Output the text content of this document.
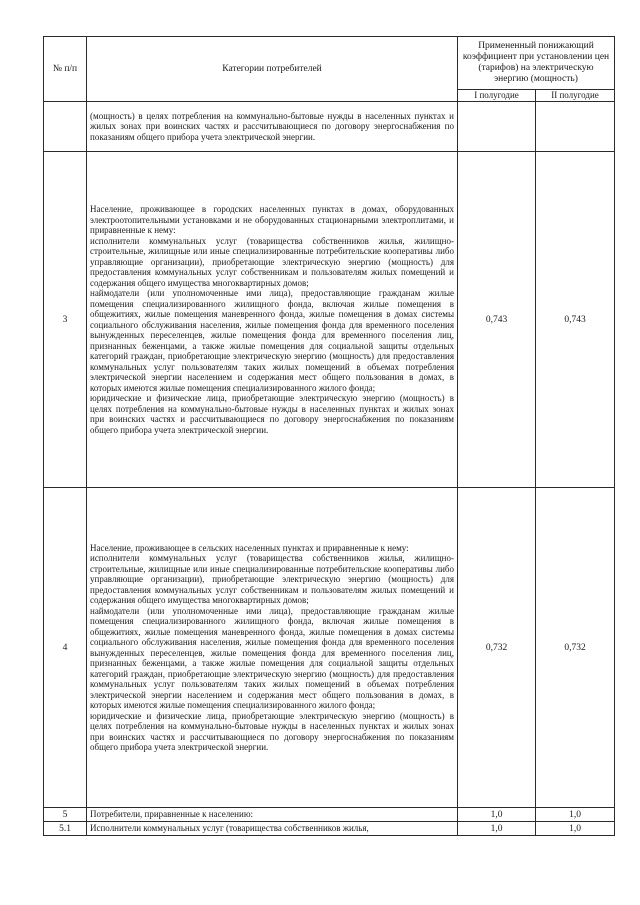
№ п/п	Категории потребителей	Примененный понижающий коэффициент при установлении цен (тарифов) на электрическую энергию (мощность)	
		I полугодие	II полугодие

	(мощность) в целях потребления на коммунально-бытовые нужды в населенных пунктах и жилых зонах при воинских частях и рассчитывающиеся по договору энергоснабжения по показаниям общего прибора учета электрической энергии.		

3	Население, проживающее в городских населенных пунктах в домах, оборудованных электроотопительными установками и не оборудованных стационарными электроплитами, и приравненные к нему:

исполнители коммунальных услуг (товарищества собственников жилья, жилищно-строительные, жилищные или иные специализированные потребительские кооперативы либо управляющие организации), приобретающие электрическую энергию (мощность) для предоставления коммунальных услуг собственникам и пользователям жилых помещений и содержания общего имущества многоквартирных домов;

наймодатели (или уполномоченные ими лица), предоставляющие гражданам жилые помещения специализированного жилищного фонда, включая жилые помещения в общежитиях, жилые помещения маневренного фонда, жилые помещения в домах системы социального обслуживания населения, жилые помещения фонда для временного поселения вынужденных переселенцев, жилые помещения фонда для временного поселения лиц, признанных беженцами, а также жилые помещения для социальной защиты отдельных категорий граждан, приобретающие электрическую энергию (мощность) для предоставления коммунальных услуг пользователям таких жилых помещений в объемах потребления электрической энергии населением и содержания мест общего пользования в домах, в которых имеются жилые помещения специализированного жилого фонда;

юридические и физические лица, приобретающие электрическую энергию (мощность) в целях потребления на коммунально-бытовые нужды в населенных пунктах и жилых зонах при воинских частях и рассчитывающиеся по договору энергоснабжения по показаниям общего прибора учета электрической энергии.	0,743	0,743
4	Население, проживающее в сельских населенных пунктах и приравненные к нему:

исполнители коммунальных услуг (товарищества собственников жилья, жилищно-строительные, жилищные или иные специализированные потребительские кооперативы либо управляющие организации), приобретающие электрическую энергию (мощность) для предоставления коммунальных услуг собственникам и пользователям жилых помещений и содержания общего имущества многоквартирных домов;

наймодатели (или уполномоченные ими лица), предоставляющие гражданам жилые помещения специализированного жилищного фонда, включая жилые помещения в общежитиях, жилые помещения маневренного фонда, жилые помещения в домах системы социального обслуживания населения, жилые помещения фонда для временного поселения вынужденных переселенцев, жилые помещения фонда для временного поселения лиц, признанных беженцами, а также жилые помещения для социальной защиты отдельных категорий граждан, приобретающие электрическую энергию (мощность) для предоставления коммунальных услуг пользователям таких жилых помещений в объемах потребления электрической энергии населением и содержания мест общего пользования в домах, в которых имеются жилые помещения специализированного жилого фонда;

юридические и физические лица, приобретающие электрическую энергию (мощность) в целях потребления на коммунально-бытовые нужды в населенных пунктах и жилых зонах при воинских частях и рассчитывающиеся по договору энергоснабжения по показаниям общего прибора учета электрической энергии.	0,732	0,732
5	Потребители, приравненные к населению:	1,0	1,0
5.1	Исполнители коммунальных услуг (товарищества собственников жилья,	1,0	1,0
